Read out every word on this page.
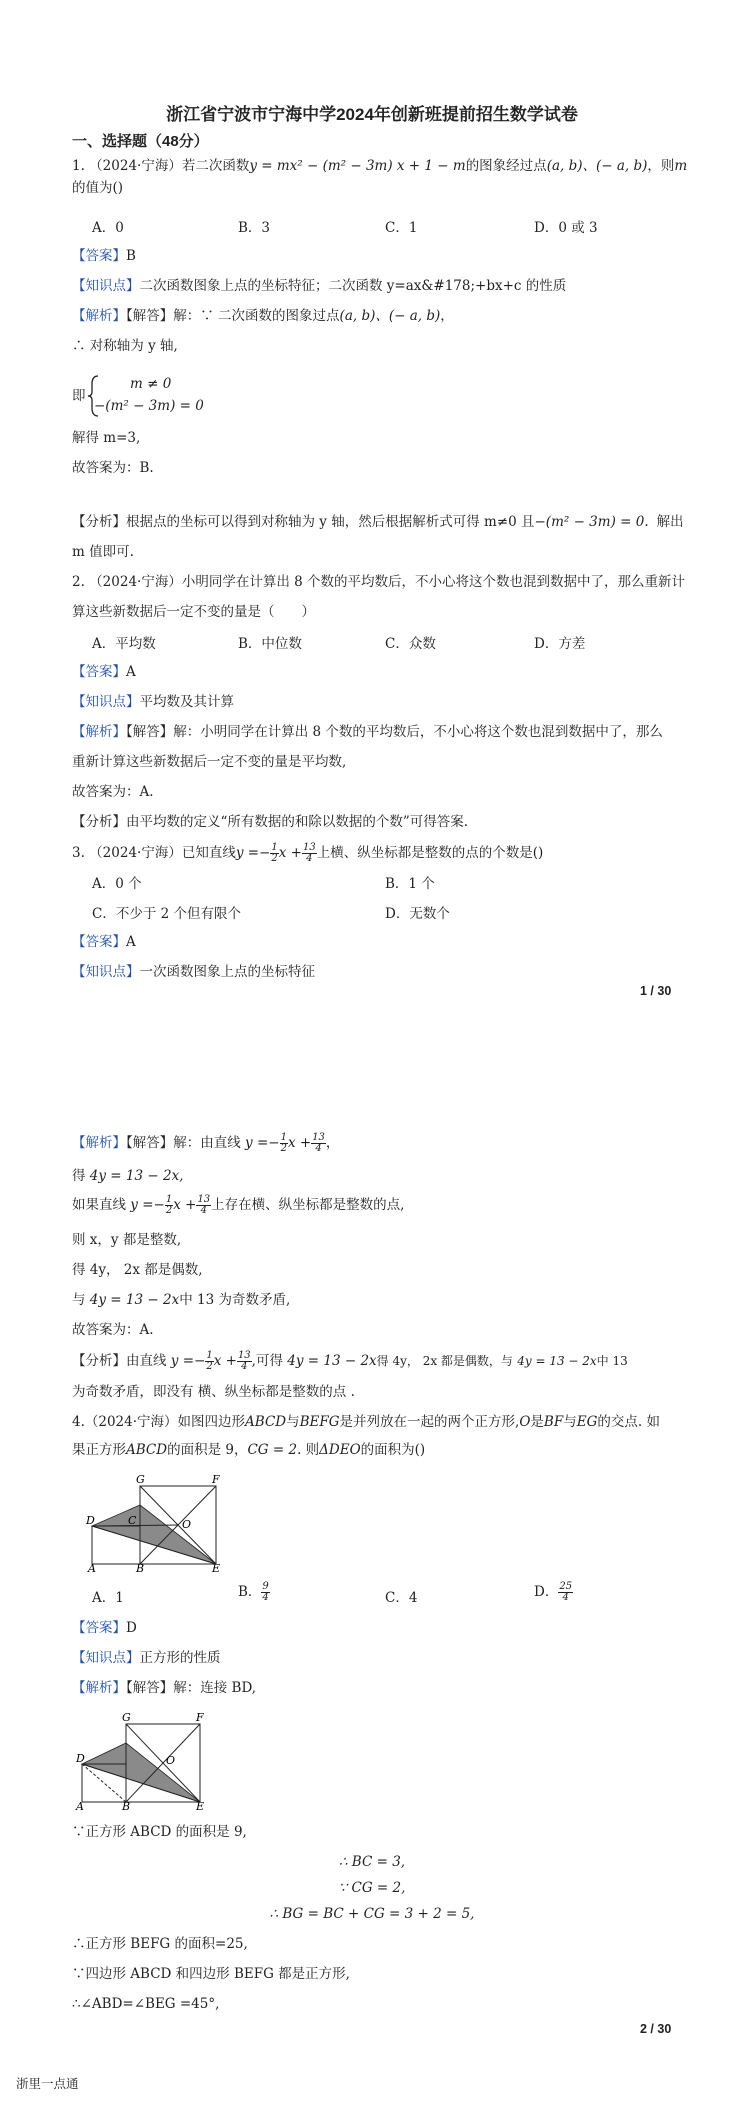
浙江省宁波市宁海中学2024年创新班提前招生数学试卷
一、选择题（48分）
1. （2024·宁海）若二次函数y = mx² − (m² − 3m) x + 1 − m的图象经过点(a, b)、(− a, b)，则m
的值为()
A．0	B．3	C．1	D．0 或 3
【答案】B
【知识点】二次函数图象上点的坐标特征；二次函数 y=ax&#178;+bx+c 的性质
【解析】【解答】解：∵ 二次函数的图象过点(a, b)、(− a, b)，
∴ 对称轴为 y 轴,
即
m ≠ 0
−(m² − 3m) = 0
解得 m=3,
故答案为：B.
【分析】根据点的坐标可以得到对称轴为 y 轴，然后根据解析式可得 m≠0 且−(m² − 3m) = 0. 解出
m 值即可.
2. （2024·宁海）小明同学在计算出 8 个数的平均数后，不小心将这个数也混到数据中了，那么重新计
算这些新数据后一定不变的量是（　　）
A．平均数	B．中位数	C．众数	D．方差
【答案】A
【知识点】平均数及其计算
【解析】【解答】解：小明同学在计算出 8 个数的平均数后，不小心将这个数也混到数据中了，那么
重新计算这些新数据后一定不变的量是平均数,
故答案为：A.
【分析】由平均数的定义“所有数据的和除以数据的个数”可得答案.
3. （2024·宁海）已知直线$y =- \frac{1}{2}$ $x + \frac{13}{4}$ 上横、纵坐标都是整数的点的个数是()
A．0 个	B．1 个
C．不少于 2 个但有限个	D．无数个
【答案】A
【知识点】一次函数图象上点的坐标特征
1 / 30
【解析】【解答】解：由直线 $y =- \frac{1}{2}$ $x + \frac{13}{4}$ ，
得 4y = 13 − 2x,
如果直线 $y =- \frac{1}{2}$ $x + \frac{13}{4}$ 上存在横、纵坐标都是整数的点,
则 x，y 都是整数,
得 4y， 2x 都是偶数,
与 4y = 13 − 2x中 13 为奇数矛盾,
故答案为：A.
【分析】由直线 $y =- \frac{1}{2}$ $x + \frac{13}{4}$ ,可得 4y = 13 − 2x得 4y， 2x 都是偶数，与 4y = 13 − 2x中 13
为奇数矛盾，即没有 横、纵坐标都是整数的点 .
4.（2024·宁海）如图四边形ABCD与BEFG是并列放在一起的两个正方形,O是BF与EG的交点. 如
果正方形ABCD的面积是 9，CG = 2. 则ΔDEO的面积为()
D	C
G	F
O
A	B	E
A．1	B． $\frac{9}{4}$	C．4	D． $\frac{25}{4}$
【答案】D
【知识点】正方形的性质
【解析】【解答】解：连接 BD,
D
G	F
O
A	B	E
∵正方形 ABCD 的面积是 9,
∴ BC = 3,
∵ CG = 2,
∴ BG = BC + CG = 3 + 2 = 5,
∴正方形 BEFG 的面积=25,
∵四边形 ABCD 和四边形 BEFG 都是正方形,
∴∠ABD=∠BEG =45°,
2 / 30
浙里一点通
